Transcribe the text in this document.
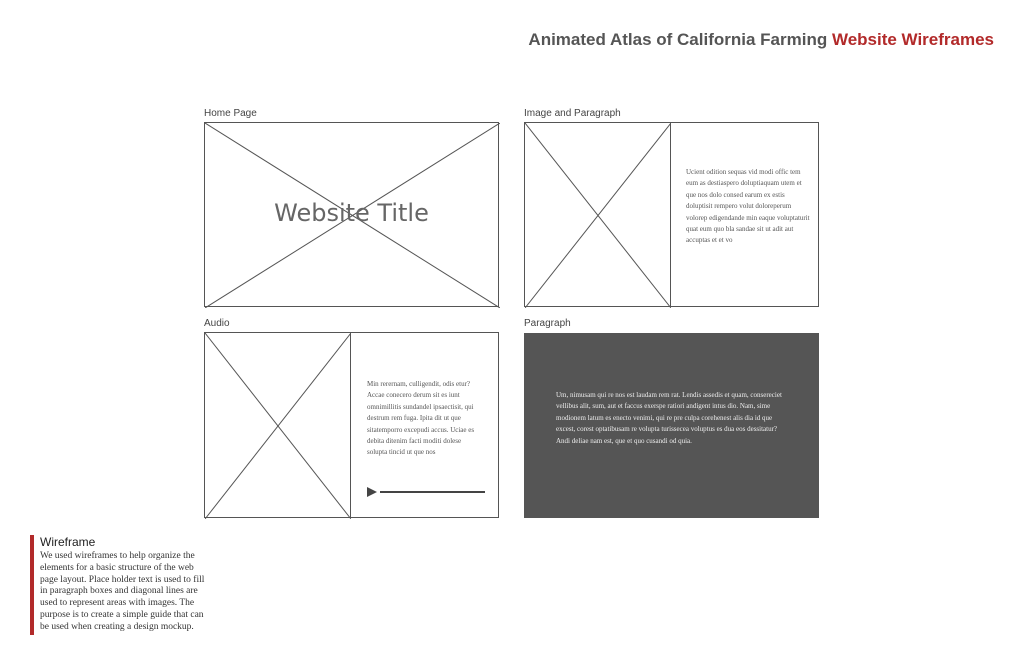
Animated Atlas of California Farming Website Wireframes
Home Page
Website Title
Image and Paragraph
Ucient odition sequas vid modi offic tem eum as destiaspero doluptiaquam utem et que nos dolo consed earum ex estis doluptisit rempero volut doloreperum volorep edigendande min eaque voluptaturit quat eum quo bla sandae sit ut adit aut accuptas et et vo
Audio
Min rerernam, culligendit, odis etur? Accae conecero derum sit es iunt omnimillitis sundandel ipsaectisit, qui destrum rem fuga. Ipita dit ut que sitatemporro excepudi accus. Uciae es debita ditenim facti moditi dolese solupta tincid ut que nos
Paragraph
Um, nimusam qui re nos est laudam rem rat. Lendis assedis et quam, consereciet vellibus alit, sum, aut et faccus exerspe ratiori andigent intus dio. Nam, sime modionem latum es enecto venimi, qui re pre culpa corehenest alis dia id que excest, corest optatibusam re volupta turissecea voluptus es dua eos dessitatur? Andi deliae nam est, que et quo cusandi od quia.
Wireframe
We used wireframes to help organize the elements for a basic structure of the web page layout. Place holder text is used to fill in paragraph boxes and diagonal lines are used to represent areas with images. The purpose is to create a simple guide that can be used when creating a design mockup.
